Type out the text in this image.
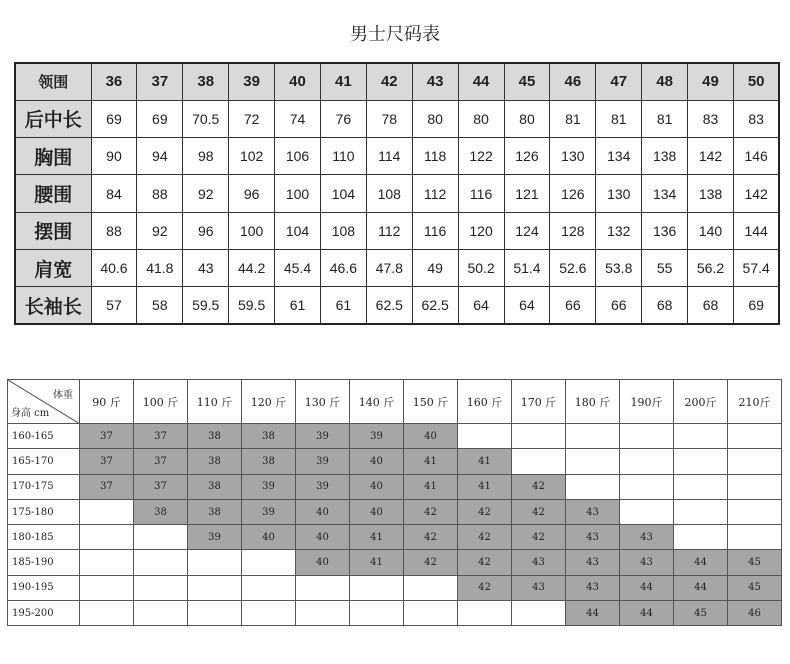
男士尺码表
领围	36	37	38	39	40	41	42	43	44	45	46	47	48	49	50
后中长	69	69	70.5	72	74	76	78	80	80	80	81	81	81	83	83
胸围	90	94	98	102	106	110	114	118	122	126	130	134	138	142	146
腰围	84	88	92	96	100	104	108	112	116	121	126	130	134	138	142
摆围	88	92	96	100	104	108	112	116	120	124	128	132	136	140	144
肩宽	40.6	41.8	43	44.2	45.4	46.6	47.8	49	50.2	51.4	52.6	53.8	55	56.2	57.4
长袖长	57	58	59.5	59.5	61	61	62.5	62.5	64	64	66	66	68	68	69
体重
身高 cm	90 斤	100 斤	110 斤	120 斤	130 斤	140 斤	150 斤	160 斤	170 斤	180 斤	190斤	200斤	210斤
160-165	37	37	38	38	39	39	40						
165-170	37	37	38	38	39	40	41	41					
170-175	37	37	38	39	39	40	41	41	42				
175-180		38	38	39	40	40	42	42	42	43			
180-185			39	40	40	41	42	42	42	43	43		
185-190					40	41	42	42	43	43	43	44	45
190-195								42	43	43	44	44	45
195-200										44	44	45	46
